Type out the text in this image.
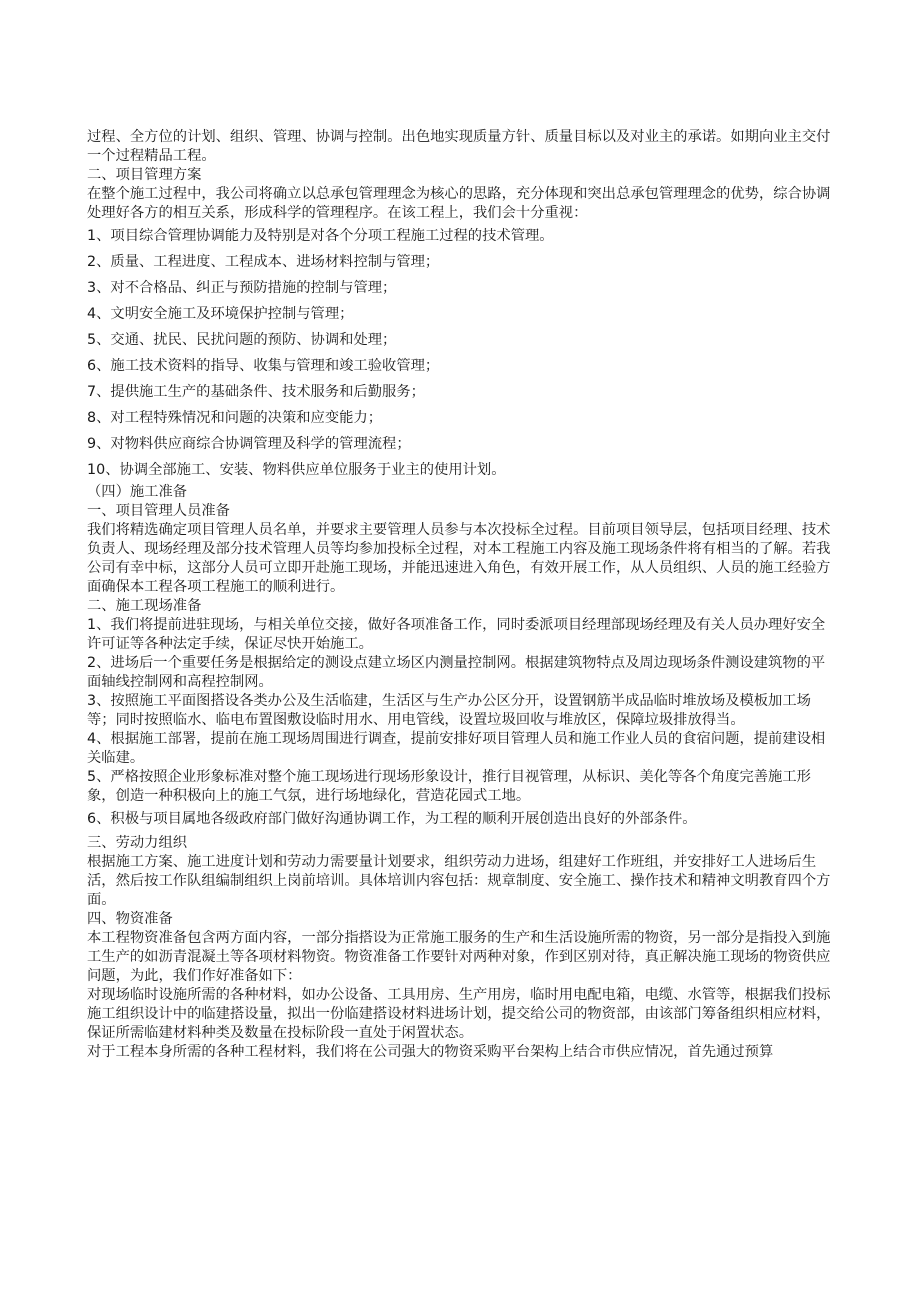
过程、全方位的计划、组织、管理、协调与控制。出色地实现质量方针、质量目标以及对业主的承诺。如期向业主交付一个过程精品工程。

二、项目管理方案

在整个施工过程中，我公司将确立以总承包管理理念为核心的思路，充分体现和突出总承包管理理念的优势，综合协调处理好各方的相互关系，形成科学的管理程序。在该工程上，我们会十分重视：

1、项目综合管理协调能力及特别是对各个分项工程施工过程的技术管理。

2、质量、工程进度、工程成本、进场材料控制与管理；

3、对不合格品、纠正与预防措施的控制与管理；

4、文明安全施工及环境保护控制与管理；

5、交通、扰民、民扰问题的预防、协调和处理；

6、施工技术资料的指导、收集与管理和竣工验收管理；

7、提供施工生产的基础条件、技术服务和后勤服务；

8、对工程特殊情况和问题的决策和应变能力；

9、对物料供应商综合协调管理及科学的管理流程；

10、协调全部施工、安装、物料供应单位服务于业主的使用计划。

（四）施工准备

一、项目管理人员准备

我们将精选确定项目管理人员名单，并要求主要管理人员参与本次投标全过程。目前项目领导层，包括项目经理、技术负责人、现场经理及部分技术管理人员等均参加投标全过程，对本工程施工内容及施工现场条件将有相当的了解。若我公司有幸中标，这部分人员可立即开赴施工现场，并能迅速进入角色，有效开展工作，从人员组织、人员的施工经验方面确保本工程各项工程施工的顺利进行。

二、施工现场准备

1、我们将提前进驻现场，与相关单位交接，做好各项准备工作，同时委派项目经理部现场经理及有关人员办理好安全许可证等各种法定手续，保证尽快开始施工。

2、进场后一个重要任务是根据给定的测设点建立场区内测量控制网。根据建筑物特点及周边现场条件测设建筑物的平面轴线控制网和高程控制网。

3、按照施工平面图搭设各类办公及生活临建，生活区与生产办公区分开，设置钢筋半成品临时堆放场及模板加工场等；同时按照临水、临电布置图敷设临时用水、用电管线，设置垃圾回收与堆放区，保障垃圾排放得当。

4、根据施工部署，提前在施工现场周围进行调查，提前安排好项目管理人员和施工作业人员的食宿问题，提前建设相关临建。

5、严格按照企业形象标准对整个施工现场进行现场形象设计，推行目视管理，从标识、美化等各个角度完善施工形象，创造一种积极向上的施工气氛，进行场地绿化，营造花园式工地。

6、积极与项目属地各级政府部门做好沟通协调工作，为工程的顺利开展创造出良好的外部条件。

三、劳动力组织

根据施工方案、施工进度计划和劳动力需要量计划要求，组织劳动力进场，组建好工作班组，并安排好工人进场后生活，然后按工作队组编制组织上岗前培训。具体培训内容包括：规章制度、安全施工、操作技术和精神文明教育四个方面。

四、物资准备

本工程物资准备包含两方面内容，一部分指搭设为正常施工服务的生产和生活设施所需的物资，另一部分是指投入到施工生产的如沥青混凝土等各项材料物资。物资准备工作要针对两种对象，作到区别对待，真正解决施工现场的物资供应问题，为此，我们作好准备如下：

对现场临时设施所需的各种材料，如办公设备、工具用房、生产用房，临时用电配电箱，电缆、水管等，根据我们投标施工组织设计中的临建搭设量，拟出一份临建搭设材料进场计划，提交给公司的物资部，由该部门筹备组织相应材料，保证所需临建材料种类及数量在投标阶段一直处于闲置状态。

对于工程本身所需的各种工程材料，我们将在公司强大的物资采购平台架构上结合市供应情况，首先通过预算
